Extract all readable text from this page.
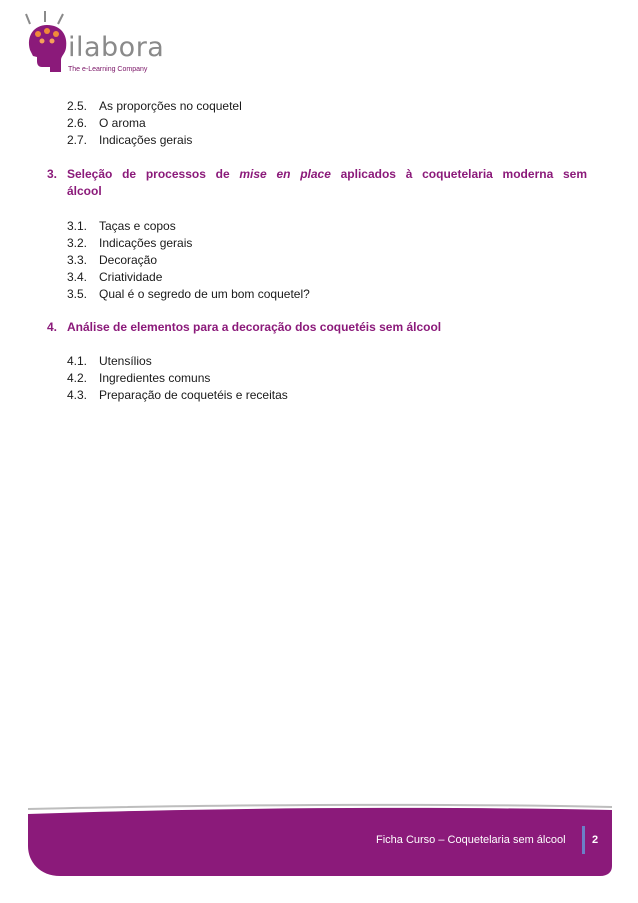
ilabora
The e-Learning Company
2.5. As proporções no coquetel
2.6. O aroma
2.7. Indicações gerais
3. Seleção de processos de mise en place aplicados à coquetelaria moderna sem
álcool
3.1. Taças e copos
3.2. Indicações gerais
3.3. Decoração
3.4. Criatividade
3.5. Qual é o segredo de um bom coquetel?
4. Análise de elementos para a decoração dos coquetéis sem álcool
4.1. Utensílios
4.2. Ingredientes comuns
4.3. Preparação de coquetéis e receitas
Ficha Curso – Coquetelaria sem álcool 2
